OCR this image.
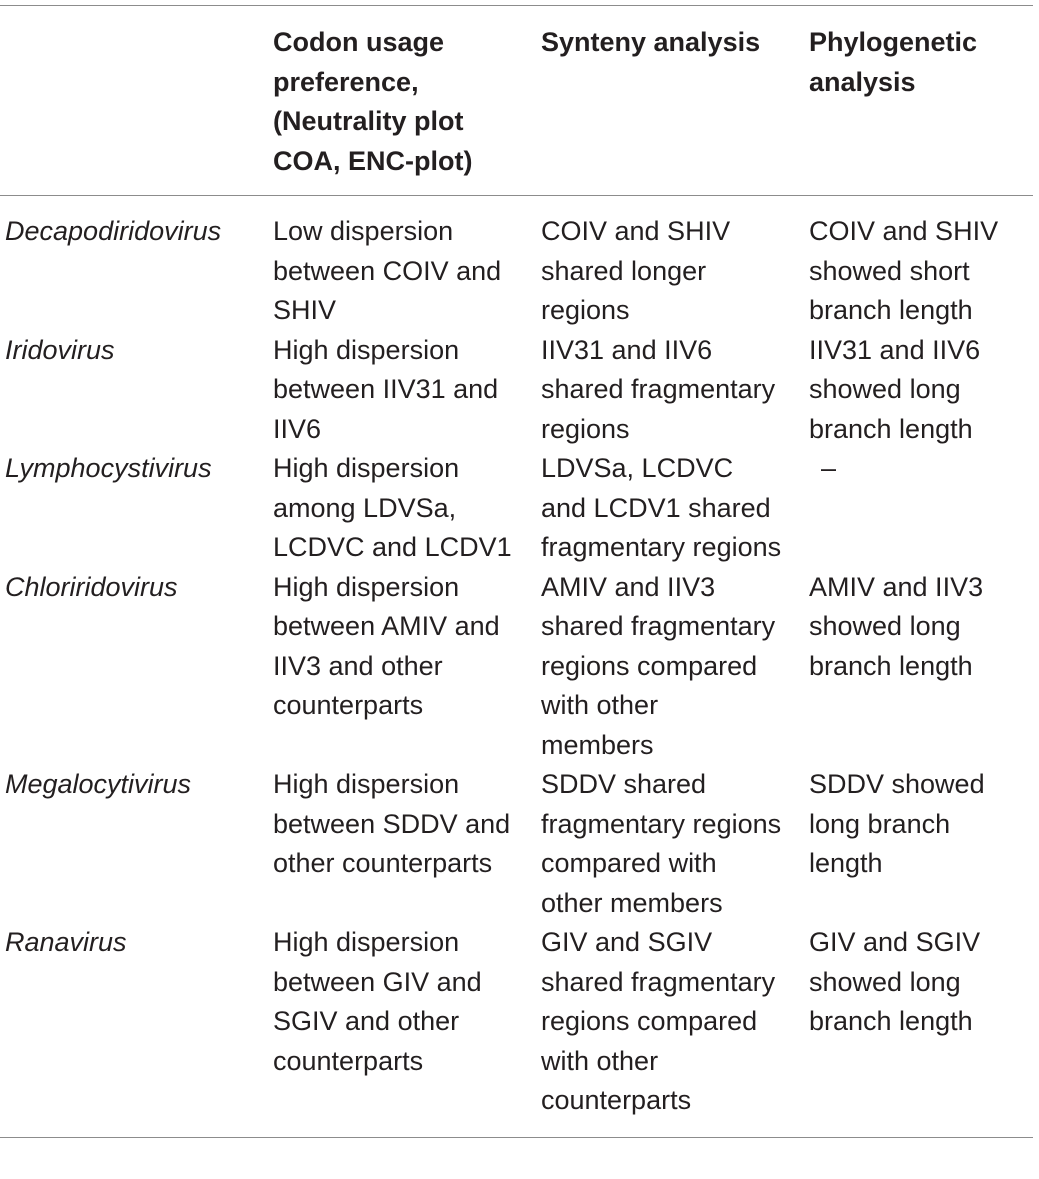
	Codon usage
preference,
(Neutrality plot
COA, ENC-plot)	Synteny analysis	Phylogenetic
analysis
Decapodiridovirus	Low dispersion
between COIV and
SHIV	COIV and SHIV
shared longer
regions	COIV and SHIV
showed short
branch length
Iridovirus	High dispersion
between IIV31 and
IIV6	IIV31 and IIV6
shared fragmentary
regions	IIV31 and IIV6
showed long
branch length
Lymphocystivirus	High dispersion
among LDVSa,
LCDVC and LCDV1	LDVSa, LCDVC
and LCDV1 shared
fragmentary regions	–
Chloriridovirus	High dispersion
between AMIV and
IIV3 and other
counterparts	AMIV and IIV3
shared fragmentary
regions compared
with other
members	AMIV and IIV3
showed long
branch length
Megalocytivirus	High dispersion
between SDDV and
other counterparts	SDDV shared
fragmentary regions
compared with
other members	SDDV showed
long branch
length
Ranavirus	High dispersion
between GIV and
SGIV and other
counterparts	GIV and SGIV
shared fragmentary
regions compared
with other
counterparts	GIV and SGIV
showed long
branch length
